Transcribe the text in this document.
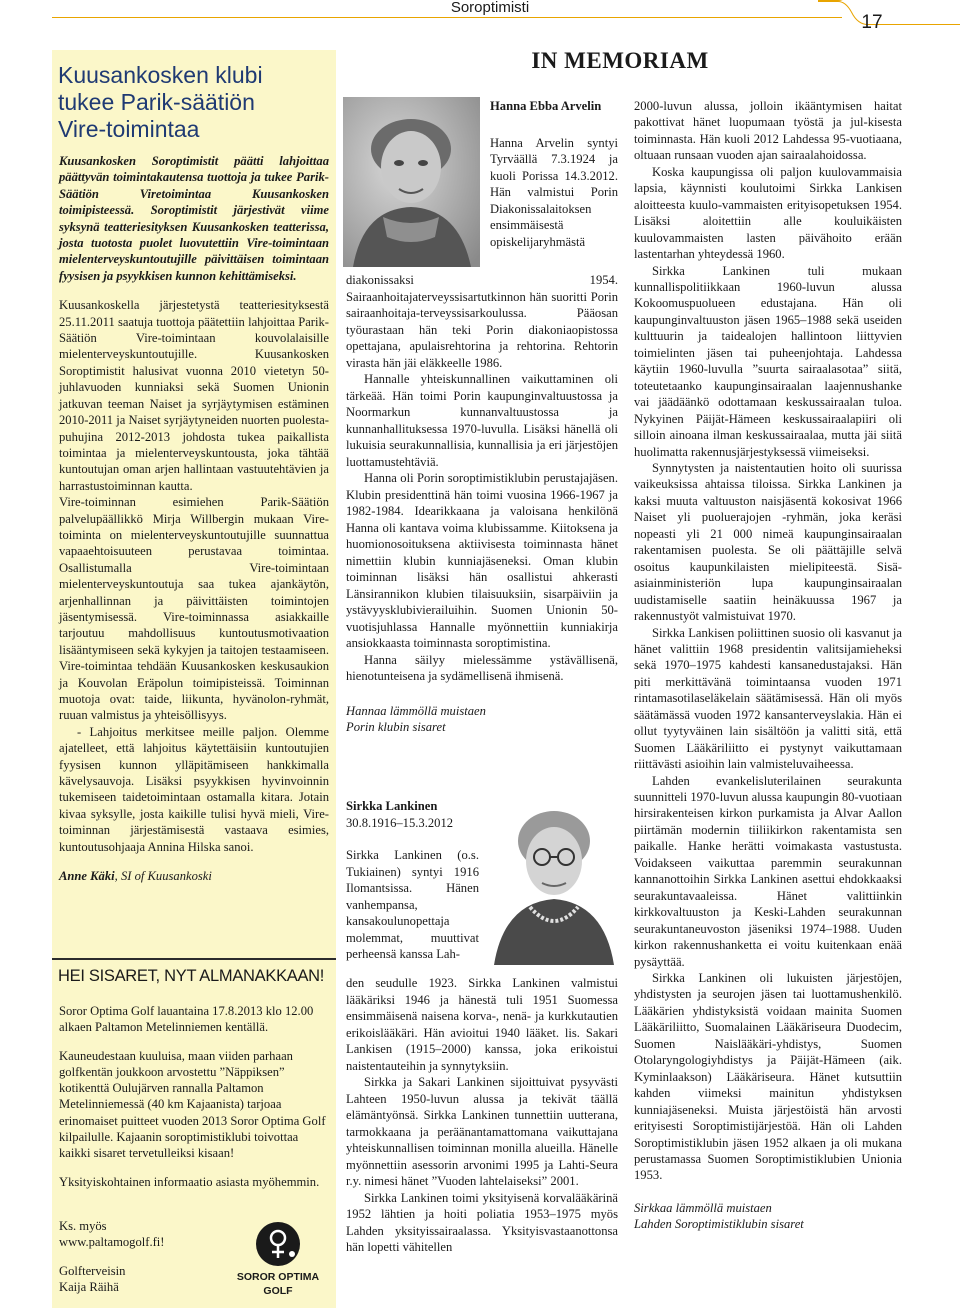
Soroptimisti
17
Kuusankosken klubi
tukee Parik-säätiön
Vire-toimintaa

Kuusankosken Soroptimistit päätti lahjoittaa päättyvän toimintakautensa tuottoja ja tukee Parik-Säätiön Viretoimintaa Kuusankosken toimipisteessä. Soroptimistit järjestivät viime syksynä teatteriesityksen Kuusankosken teatterissa, josta tuotosta puolet luovutettiin Vire-toimintaan mielenterveyskuntoutujille päivittäisen toimintaan fyysisen ja psyykkisen kunnon kehittämiseksi.

Kuusankoskella järjestetystä teatteriesityksestä 25.11.2011 saatuja tuottoja päätettiin lahjoittaa Parik-Säätiön Vire-toimintaan kouvolalaisille mielenterveyskuntoutujille. Kuusankosken Soroptimistit halusivat vuonna 2010 vietetyn 50-juhlavuoden kunniaksi sekä Suomen Unionin jatkuvan teeman Naiset ja syrjäytymisen estäminen 2010-2011 ja Naiset syrjäytyneiden nuorten puolesta-puhujina 2012-2013 johdosta tukea paikallista toimintaa ja mielenterveyskuntousta, joka tähtää kuntoutujan oman arjen hallintaan vastuutehtävien ja harrastustoiminnan kautta.

Vire-toiminnan esimiehen Parik-Säätiön palvelupäällikkö Mirja Willbergin mukaan Vire-toiminta on mielenterveyskuntoutujille suunnattua vapaaehtoisuuteen perustavaa toimintaa. Osallistumalla Vire-toimintaan mielenterveyskuntoutuja saa tukea ajankäytön, arjenhallinnan ja päivittäisten toimintojen jäsentymisessä. Vire-toiminnassa asiakkaille tarjoutuu mahdollisuus kuntoutusmotivaation lisääntymiseen sekä kykyjen ja taitojen testaamiseen. Vire-toimintaa tehdään Kuusankosken keskusaukion ja Kouvolan Eräpolun toimipisteissä. Toiminnan muotoja ovat: taide, liikunta, hyvänolon-ryhmät, ruuan valmistus ja yhteisöllisyys.

- Lahjoitus merkitsee meille paljon. Olemme ajatelleet, että lahjoitus käytettäisiin kuntoutujien fyysisen kunnon ylläpitämiseen hankkimalla kävelysauvoja. Lisäksi psyykkisen hyvinvoinnin tukemiseen taidetoimintaan ostamalla kitara. Jotain kivaa syksylle, josta kaikille tulisi hyvä mieli, Vire-toiminnan järjestämisestä vastaava esimies, kuntoutusohjaaja Annina Hilska sanoi.

Anne Käki, SI of Kuusankoski

HEI SISARET, NYT ALMANAKKAAN!

Soror Optima Golf lauantaina 17.8.2013 klo 12.00 alkaen Paltamon Metelinniemen kentällä.

Kauneudestaan kuuluisa, maan viiden parhaan golfkentän joukkoon arvostettu ”Näppiksen” kotikenttä Oulujärven rannalla Paltamon Metelinniemessä (40 km Kajaanista) tarjoaa erinomaiset puitteet vuoden 2013 Soror Optima Golf kilpailulle. Kajaanin soroptimistiklubi toivottaa kaikki sisaret tervetulleiksi kisaan!

Yksityiskohtainen informaatio asiasta myöhemmin.

Ks. myös

www.paltamogolf.fi!

Golfterveisin

Kaija Räihä

SOROR OPTIMA
GOLF
IN MEMORIAM

Hanna Ebba Arvelin

Hanna Arvelin syntyi Tyrväällä 7.3.1924 ja kuoli Porissa 14.3.2012. Hän valmistui Porin Diakonissalaitoksen ensimmäisestä opiskelijaryhmästä

diakonissaksi 1954. Sairaanhoitajaterveyssisartutkinnon hän suoritti Porin sairaanhoitaja-terveyssisarkoulussa. Pääosan työurastaan hän teki Porin diakoniaopistossa opettajana, apulaisrehtorina ja rehtorina. Rehtorin virasta hän jäi eläkkeelle 1986.

Hannalle yhteiskunnallinen vaikuttaminen oli tärkeää. Hän toimi Porin kaupunginvaltuustossa ja Noormarkun kunnanvaltuustossa ja kunnanhallituksessa 1970-luvulla. Lisäksi hänellä oli lukuisia seurakunnallisia, kunnallisia ja eri järjestöjen luottamustehtäviä.

Hanna oli Porin soroptimistiklubin perustajajäsen. Klubin presidenttinä hän toimi vuosina 1966-1967 ja 1982-1984. Idearikkaana ja valoisana henkilönä Hanna oli kantava voima klubissamme. Kiitoksena ja huomionosoituksena aktiivisesta toiminnasta hänet nimettiin klubin kunniajäseneksi. Oman klubin toiminnan lisäksi hän osallistui ahkerasti Länsirannikon klubien tilaisuuksiin, sisarpäiviin ja ystävyysklubivierailuihin. Suomen Unionin 50-vuotisjuhlassa Hannalle myönnettiin kunniakirja ansiokkaasta toiminnasta soroptimistina.

Hanna säilyy mielessämme ystävällisenä, hienotunteisena ja sydämellisenä ihmisenä.

Hannaa lämmöllä muistaen

Porin klubin sisaret

Sirkka Lankinen

30.8.1916–15.3.2012

Sirkka Lankinen (o.s. Tukiainen) syntyi 1916 Ilomantsissa. Hänen vanhempansa, kansakoulunopettaja molemmat, muuttivat perheensä kanssa Lah-

den seudulle 1923. Sirkka Lankinen valmistui lääkäriksi 1946 ja hänestä tuli 1951 Suomessa ensimmäisenä naisena korva-, nenä- ja kurkkutautien erikoislääkäri. Hän avioitui 1940 lääket. lis. Sakari Lankisen (1915–2000) kanssa, joka erikoistui naistentauteihin ja synnytyksiin.

Sirkka ja Sakari Lankinen sijoittuivat pysyvästi Lahteen 1950-luvun alussa ja tekivät täällä elämäntyönsä. Sirkka Lankinen tunnettiin uutterana, tarmokkaana ja peräänantamattomana vaikuttajana yhteiskunnallisen toiminnan monilla alueilla. Hänelle myönnettiin asessorin arvonimi 1995 ja Lahti-Seura r.y. nimesi hänet ”Vuoden lahtelaiseksi” 2001.

Sirkka Lankinen toimi yksityisenä korvalääkärinä 1952 lähtien ja hoiti poliatia 1953–1975 myös Lahden yksityissairaalassa. Yksityisvastaanottonsa hän lopetti vähitellen

2000-luvun alussa, jolloin ikääntymisen haitat pakottivat hänet luopumaan työstä ja jul-kisesta toiminnasta. Hän kuoli 2012 Lahdessa 95-vuotiaana, oltuaan runsaan vuoden ajan sairaalahoidossa.

Koska kaupungissa oli paljon kuulovammaisia lapsia, käynnisti koulutoimi Sirkka Lankisen aloitteesta kuulo-vammaisten erityisopetuksen 1954. Lisäksi aloitettiin alle kouluikäisten kuulovammaisten lasten päivähoito erään lastentarhan yhteydessä 1960.

Sirkka Lankinen tuli mukaan kunnallispolitiikkaan 1960-luvun alussa Kokoomuspuolueen edustajana. Hän oli kaupunginvaltuuston jäsen 1965–1988 sekä useiden kulttuurin ja taidealojen hallintoon liittyvien toimielinten jäsen tai puheenjohtaja. Lahdessa käytiin 1960-luvulla ”suurta sairaalasotaa” siitä, toteutetaanko kaupunginsairaalan laajennushanke vai jäädäänkö odottamaan keskussairaalan tuloa. Nykyinen Päijät-Hämeen keskussairaalapiiri oli silloin ainoana ilman keskussairaalaa, mutta jäi siitä huolimatta rakennusjärjestyksessä viimeiseksi.

Synnytysten ja naistentautien hoito oli suurissa vaikeuksissa ahtaissa tiloissa. Sirkka Lankinen ja kaksi muuta valtuuston naisjäsentä kokosivat 1966 Naiset yli puoluerajojen -ryhmän, joka keräsi nopeasti yli 21 000 nimeä kaupunginsairaalan rakentamisen puolesta. Se oli päättäjille selvä osoitus kaupunkilaisten mielipiteestä. Sisä-asiainministeriön lupa kaupunginsairaalan uudistamiselle saatiin heinäkuussa 1967 ja rakennustyöt valmistuivat 1970.

Sirkka Lankisen poliittinen suosio oli kasvanut ja hänet valittiin 1968 presidentin valitsijamieheksi sekä 1970–1975 kahdesti kansanedustajaksi. Hän piti merkittävänä toimintaansa vuoden 1971 rintamasotilaseläkelain säätämisessä. Hän oli myös säätämässä vuoden 1972 kansanterveyslakia. Hän ei ollut tyytyväinen lain sisältöön ja valitti sitä, että Suomen Lääkäriliitto ei pystynyt vaikuttamaan riittävästi asioihin lain valmisteluvaiheessa.

Lahden evankelisluterilainen seurakunta suunnitteli 1970-luvun alussa kaupungin 80-vuotiaan hirsirakenteisen kirkon purkamista ja Alvar Aallon piirtämän modernin tiiliikirkon rakentamista sen paikalle. Hanke herätti voimakasta vastustusta. Voidakseen vaikuttaa paremmin seurakunnan kannanottoihin Sirkka Lankinen asettui ehdokkaaksi seurakuntavaaleissa. Hänet valittiinkin kirkkovaltuuston ja Keski-Lahden seurakunnan seurakuntaneuvoston jäseniksi 1974–1988. Uuden kirkon rakennushanketta ei voitu kuitenkaan enää pysäyttää.

Sirkka Lankinen oli lukuisten järjestöjen, yhdistysten ja seurojen jäsen tai luottamushenkilö. Lääkärien yhdistyksistä voidaan mainita Suomen Lääkäriliitto, Suomalainen Lääkäriseura Duodecim, Suomen Naislääkäri-yhdistys, Suomen Otolaryngologiyhdistys ja Päijät-Hämeen (aik. Kyminlaakson) Lääkäriseura. Hänet kutsuttiin kahden viimeksi mainitun yhdistyksen kunniajäseneksi. Muista järjestöistä hän arvosti erityisesti Soroptimistijärjestöä. Hän oli Lahden Soroptimistiklubin jäsen 1952 alkaen ja oli mukana perustamassa Suomen Soroptimistiklubien Unionia 1953.

Sirkkaa lämmöllä muistaen

Lahden Soroptimistiklubin sisaret
